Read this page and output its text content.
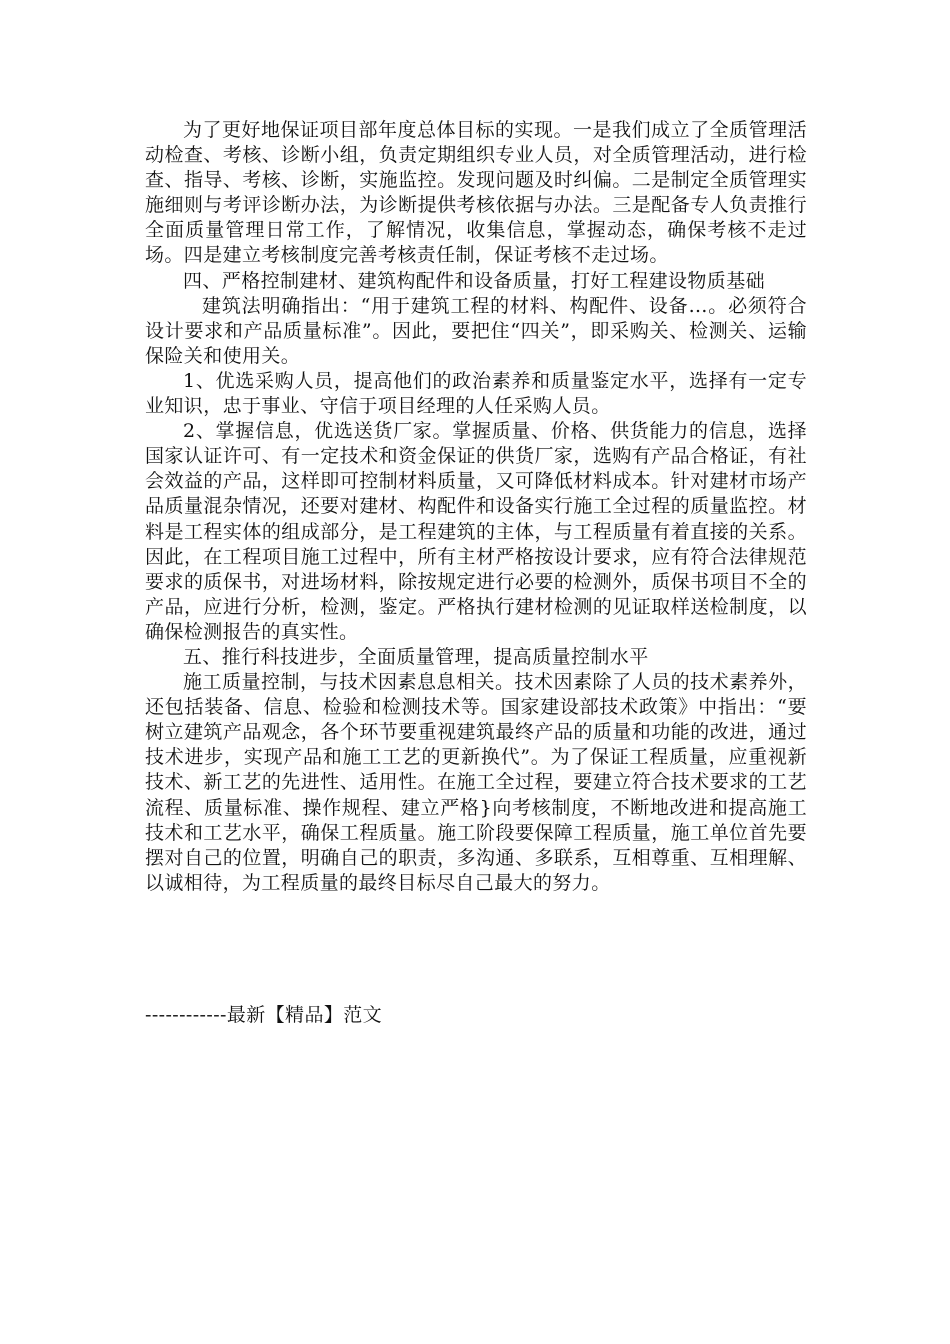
为了更好地保证项目部年度总体目标的实现。一是我们成立了全质管理活动检查、考核、诊断小组，负责定期组织专业人员，对全质管理活动，进行检查、指导、考核、诊断，实施监控。发现问题及时纠偏。二是制定全质管理实施细则与考评诊断办法，为诊断提供考核依据与办法。三是配备专人负责推行全面质量管理日常工作，了解情况，收集信息，掌握动态，确保考核不走过场。四是建立考核制度完善考核责任制，保证考核不走过场。

四、严格控制建材、建筑构配件和设备质量，打好工程建设物质基础

建筑法明确指出：“用于建筑工程的材料、构配件、设备…。必须符合设计要求和产品质量标准”。因此，要把住“四关”，即采购关、检测关、运输保险关和使用关。

1、优选采购人员，提高他们的政治素养和质量鉴定水平，选择有一定专业知识，忠于事业、守信于项目经理的人任采购人员。

2、掌握信息，优选送货厂家。掌握质量、价格、供货能力的信息，选择国家认证许可、有一定技术和资金保证的供货厂家，选购有产品合格证，有社会效益的产品，这样即可控制材料质量，又可降低材料成本。针对建材市场产品质量混杂情况，还要对建材、构配件和设备实行施工全过程的质量监控。材料是工程实体的组成部分，是工程建筑的主体，与工程质量有着直接的关系。因此，在工程项目施工过程中，所有主材严格按设计要求，应有符合法律规范要求的质保书，对进场材料，除按规定进行必要的检测外，质保书项目不全的产品，应进行分析，检测，鉴定。严格执行建材检测的见证取样送检制度，以确保检测报告的真实性。

五、推行科技进步，全面质量管理，提高质量控制水平

施工质量控制，与技术因素息息相关。技术因素除了人员的技术素养外，还包括装备、信息、检验和检测技术等。国家建设部技术政策》中指出：“要树立建筑产品观念，各个环节要重视建筑最终产品的质量和功能的改进，通过技术进步，实现产品和施工工艺的更新换代”。为了保证工程质量，应重视新技术、新工艺的先进性、适用性。在施工全过程，要建立符合技术要求的工艺流程、质量标准、操作规程、建立严格}向考核制度，不断地改进和提高施工技术和工艺水平，确保工程质量。施工阶段要保障工程质量，施工单位首先要摆对自己的位置，明确自己的职责，多沟通、多联系，互相尊重、互相理解、以诚相待，为工程质量的最终目标尽自己最大的努力。

------------最新【精品】范文
